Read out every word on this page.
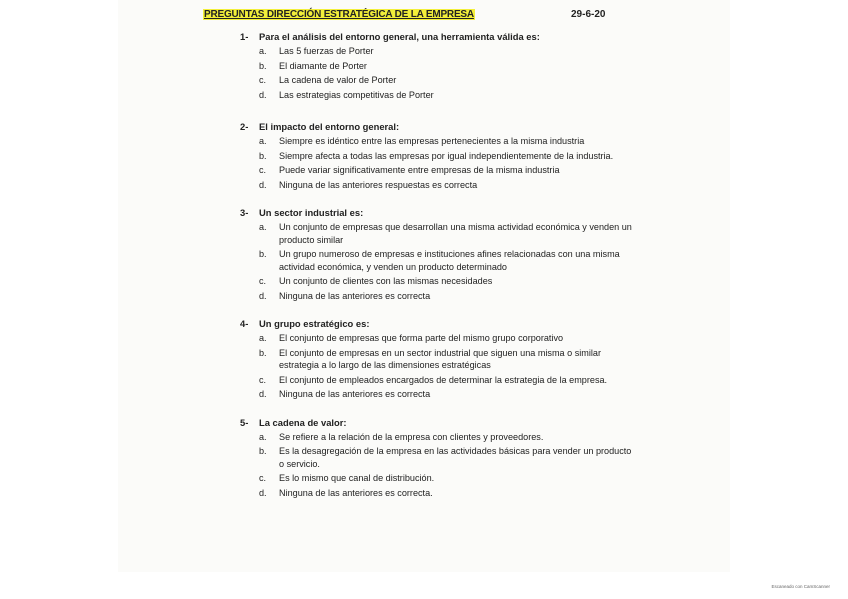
PREGUNTAS DIRECCIÓN ESTRATÉGICA DE LA EMPRESA	29-6-20
1-	Para el análisis del entorno general, una herramienta válida es:
a.	Las 5 fuerzas de Porter
b.	El diamante de Porter
c.	La cadena de valor de Porter
d.	Las estrategias competitivas de Porter
2-	El impacto del entorno general:
a.	Siempre es idéntico entre las empresas pertenecientes a la misma industria
b.	Siempre afecta a todas las empresas por igual independientemente de la industria.
c.	Puede variar significativamente entre empresas de la misma industria
d.	Ninguna de las anteriores respuestas es correcta
3-	Un sector industrial es:
a.	Un conjunto de empresas que desarrollan una misma actividad económica y venden un producto similar
b.	Un grupo numeroso de empresas e instituciones afines relacionadas con una misma actividad económica, y venden un producto determinado
c.	Un conjunto de clientes con las mismas necesidades
d.	Ninguna de las anteriores es correcta
4-	Un grupo estratégico es:
a.	El conjunto de empresas que forma parte del mismo grupo corporativo
b.	El conjunto de empresas en un sector industrial que siguen una misma o similar estrategia a lo largo de las dimensiones estratégicas
c.	El conjunto de empleados encargados de determinar la estrategia de la empresa.
d.	Ninguna de las anteriores es correcta
5-	La cadena de valor:
a.	Se refiere a la relación de la empresa con clientes y proveedores.
b.	Es la desagregación de la empresa en las actividades básicas para vender un producto o servicio.
c.	Es lo mismo que canal de distribución.
d.	Ninguna de las anteriores es correcta.
Escaneado con CamScanner
